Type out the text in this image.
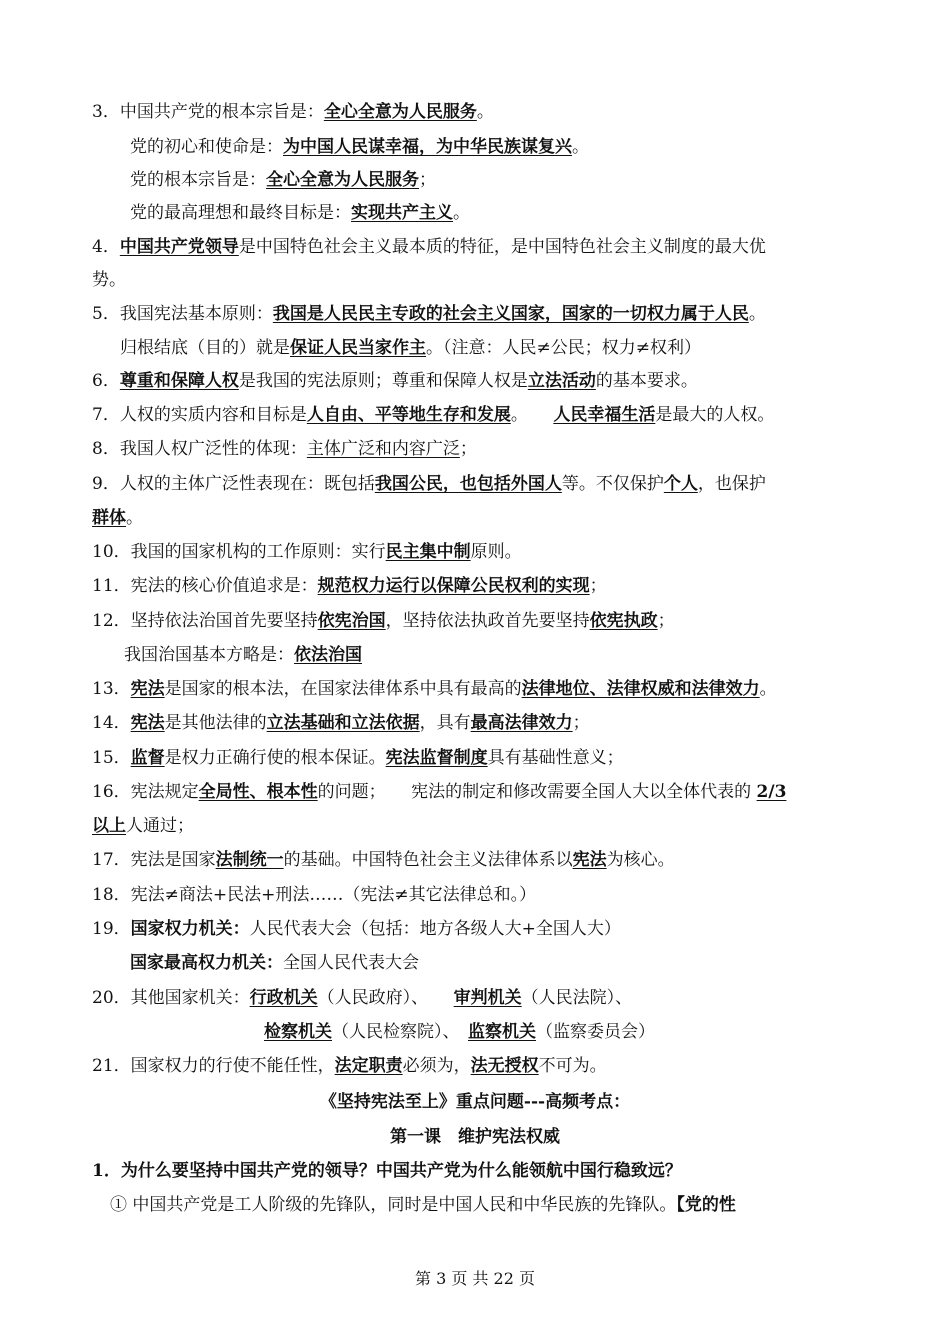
3．中国共产党的根本宗旨是：全心全意为人民服务。
党的初心和使命是：为中国人民谋幸福，为中华民族谋复兴。
党的根本宗旨是：全心全意为人民服务；
党的最高理想和最终目标是：实现共产主义。
4．中国共产党领导是中国特色社会主义最本质的特征，是中国特色社会主义制度的最大优
势。
5．我国宪法基本原则：我国是人民民主专政的社会主义国家，国家的一切权力属于人民。
归根结底（目的）就是保证人民当家作主。（注意：人民≠公民；权力≠权利）
6．尊重和保障人权是我国的宪法原则；尊重和保障人权是立法活动的基本要求。
7．人权的实质内容和目标是人自由、平等地生存和发展。　　人民幸福生活是最大的人权。
8．我国人权广泛性的体现：主体广泛和内容广泛；
9．人权的主体广泛性表现在：既包括我国公民，也包括外国人等。不仅保护个人，也保护
群体。
10．我国的国家机构的工作原则：实行民主集中制原则。
11．宪法的核心价值追求是：规范权力运行以保障公民权利的实现；
12．坚持依法治国首先要坚持依宪治国，坚持依法执政首先要坚持依宪执政；
我国治国基本方略是：依法治国
13．宪法是国家的根本法，在国家法律体系中具有最高的法律地位、法律权威和法律效力。
14．宪法是其他法律的立法基础和立法依据，具有最高法律效力；
15．监督是权力正确行使的根本保证。宪法监督制度具有基础性意义；
16．宪法规定全局性、根本性的问题；　　宪法的制定和修改需要全国人大以全体代表的 2/3
以上人通过；
17．宪法是国家法制统一的基础。中国特色社会主义法律体系以宪法为核心。
18．宪法≠商法+民法+刑法……（宪法≠其它法律总和。）
19．国家权力机关：人民代表大会（包括：地方各级人大+全国人大）
国家最高权力机关：全国人民代表大会
20．其他国家机关：行政机关（人民政府）、　　审判机关（人民法院）、
检察机关（人民检察院）、　监察机关（监察委员会）
21．国家权力的行使不能任性，法定职责必须为，法无授权不可为。
《坚持宪法至上》重点问题---高频考点：
第一课　维护宪法权威
1．为什么要坚持中国共产党的领导？中国共产党为什么能领航中国行稳致远？
① 中国共产党是工人阶级的先锋队，同时是中国人民和中华民族的先锋队。【党的性
第 3 页 共 22 页
